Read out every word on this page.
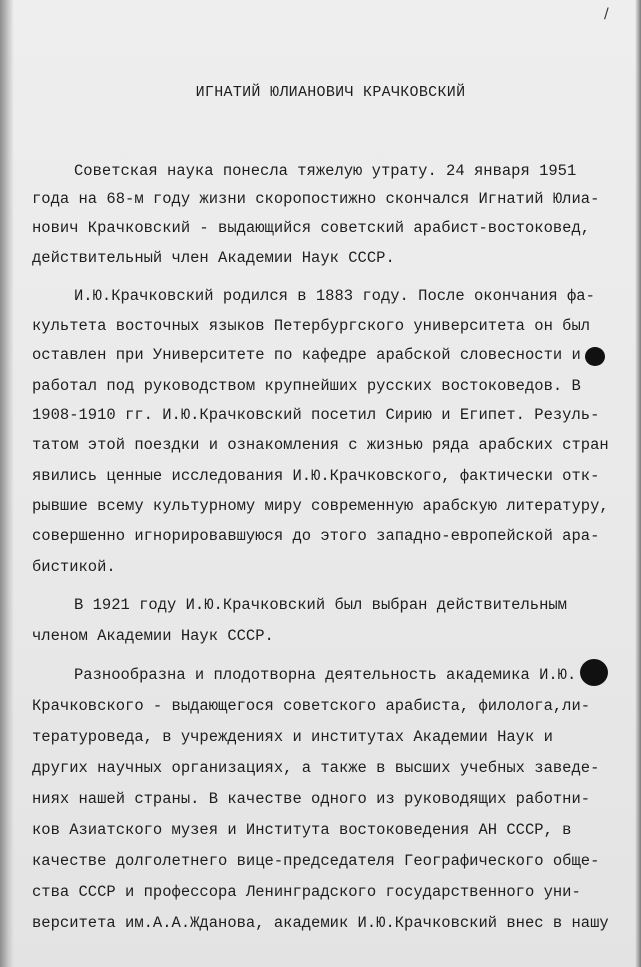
/
ИГНАТИЙ ЮЛИАНОВИЧ КРАЧКОВСКИЙ
Советская наука понесла тяжелую утрату. 24 января 1951
года на 68-м году жизни скоропостижно скончался Игнатий Юлиа-
нович Крачковский - выдающийся советский арабист-востоковед,
действительный член Академии Наук СССР.
И.Ю.Крачковский родился в 1883 году. После окончания фа-
культета восточных языков Петербургского университета он был
оставлен при Университете по кафедре арабской словесности и
работал под руководством крупнейших русских востоковедов. В
1908-1910 гг. И.Ю.Крачковский посетил Сирию и Египет. Резуль-
татом этой поездки и ознакомления с жизнью ряда арабских стран
явились ценные исследования И.Ю.Крачковского, фактически отк-
рывшие всему культурному миру современную арабскую литературу,
совершенно игнорировавшуюся до этого западно-европейской ара-
бистикой.
В 1921 году И.Ю.Крачковский был выбран действительным
членом Академии Наук СССР.
Разнообразна и плодотворна деятельность академика И.Ю.
Крачковского - выдающегося советского арабиста, филолога,ли-
тературоведа, в учреждениях и институтах Академии Наук и
других научных организациях, а также в высших учебных заведе-
ниях нашей страны. В качестве одного из руководящих работни-
ков Азиатского музея и Института востоковедения АН СССР, в
качестве долголетнего вице-председателя Географического обще-
ства СССР и профессора Ленинградского государственного уни-
верситета им.А.А.Жданова, академик И.Ю.Крачковский внес в нашу
